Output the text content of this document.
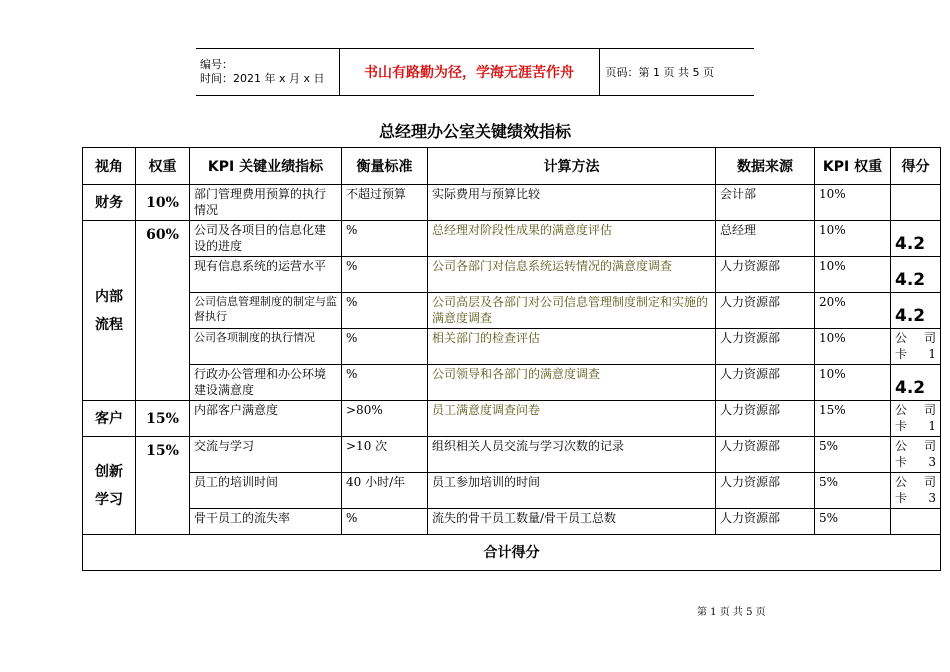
编号：
时间：2021 年 x 月 x 日	书山有路勤为径，学海无涯苦作舟	页码：第 1 页 共 5 页
总经理办公室关键绩效指标
视角	权重	KPI 关键业绩指标	衡量标准	计算方法	数据来源	KPI 权重	得分
财务	10%	部门管理费用预算的执行情况	不超过预算	实际费用与预算比较	会计部	10%	
内部
流程	60%	公司及各项目的信息化建设的进度	%	总经理对阶段性成果的满意度评估	总经理	10%	4.2
		现有信息系统的运营水平	%	公司各部门对信息系统运转情况的满意度调查	人力资源部	10%	4.2
		公司信息管理制度的制定与监督执行	%	公司高层及各部门对公司信息管理制度制定和实施的满意度调查	人力资源部	20%	4.2
		公司各项制度的执行情况	%	相关部门的检查评估	人力资源部	10%	公 司 卡 1
		行政办公管理和办公环境建设满意度	%	公司领导和各部门的满意度调查	人力资源部	10%	4.2
客户	15%	内部客户满意度	>80%	员工满意度调查问卷	人力资源部	15%	公 司 卡 1
创新
学习	15%	交流与学习	>10 次	组织相关人员交流与学习次数的记录	人力资源部	5%	公 司 卡 3
		员工的培训时间	40 小时/年	员工参加培训的时间	人力资源部	5%	公 司 卡 3
		骨干员工的流失率	%	流失的骨干员工数量/骨干员工总数	人力资源部	5%	
合计得分							
第 1 页 共 5 页
